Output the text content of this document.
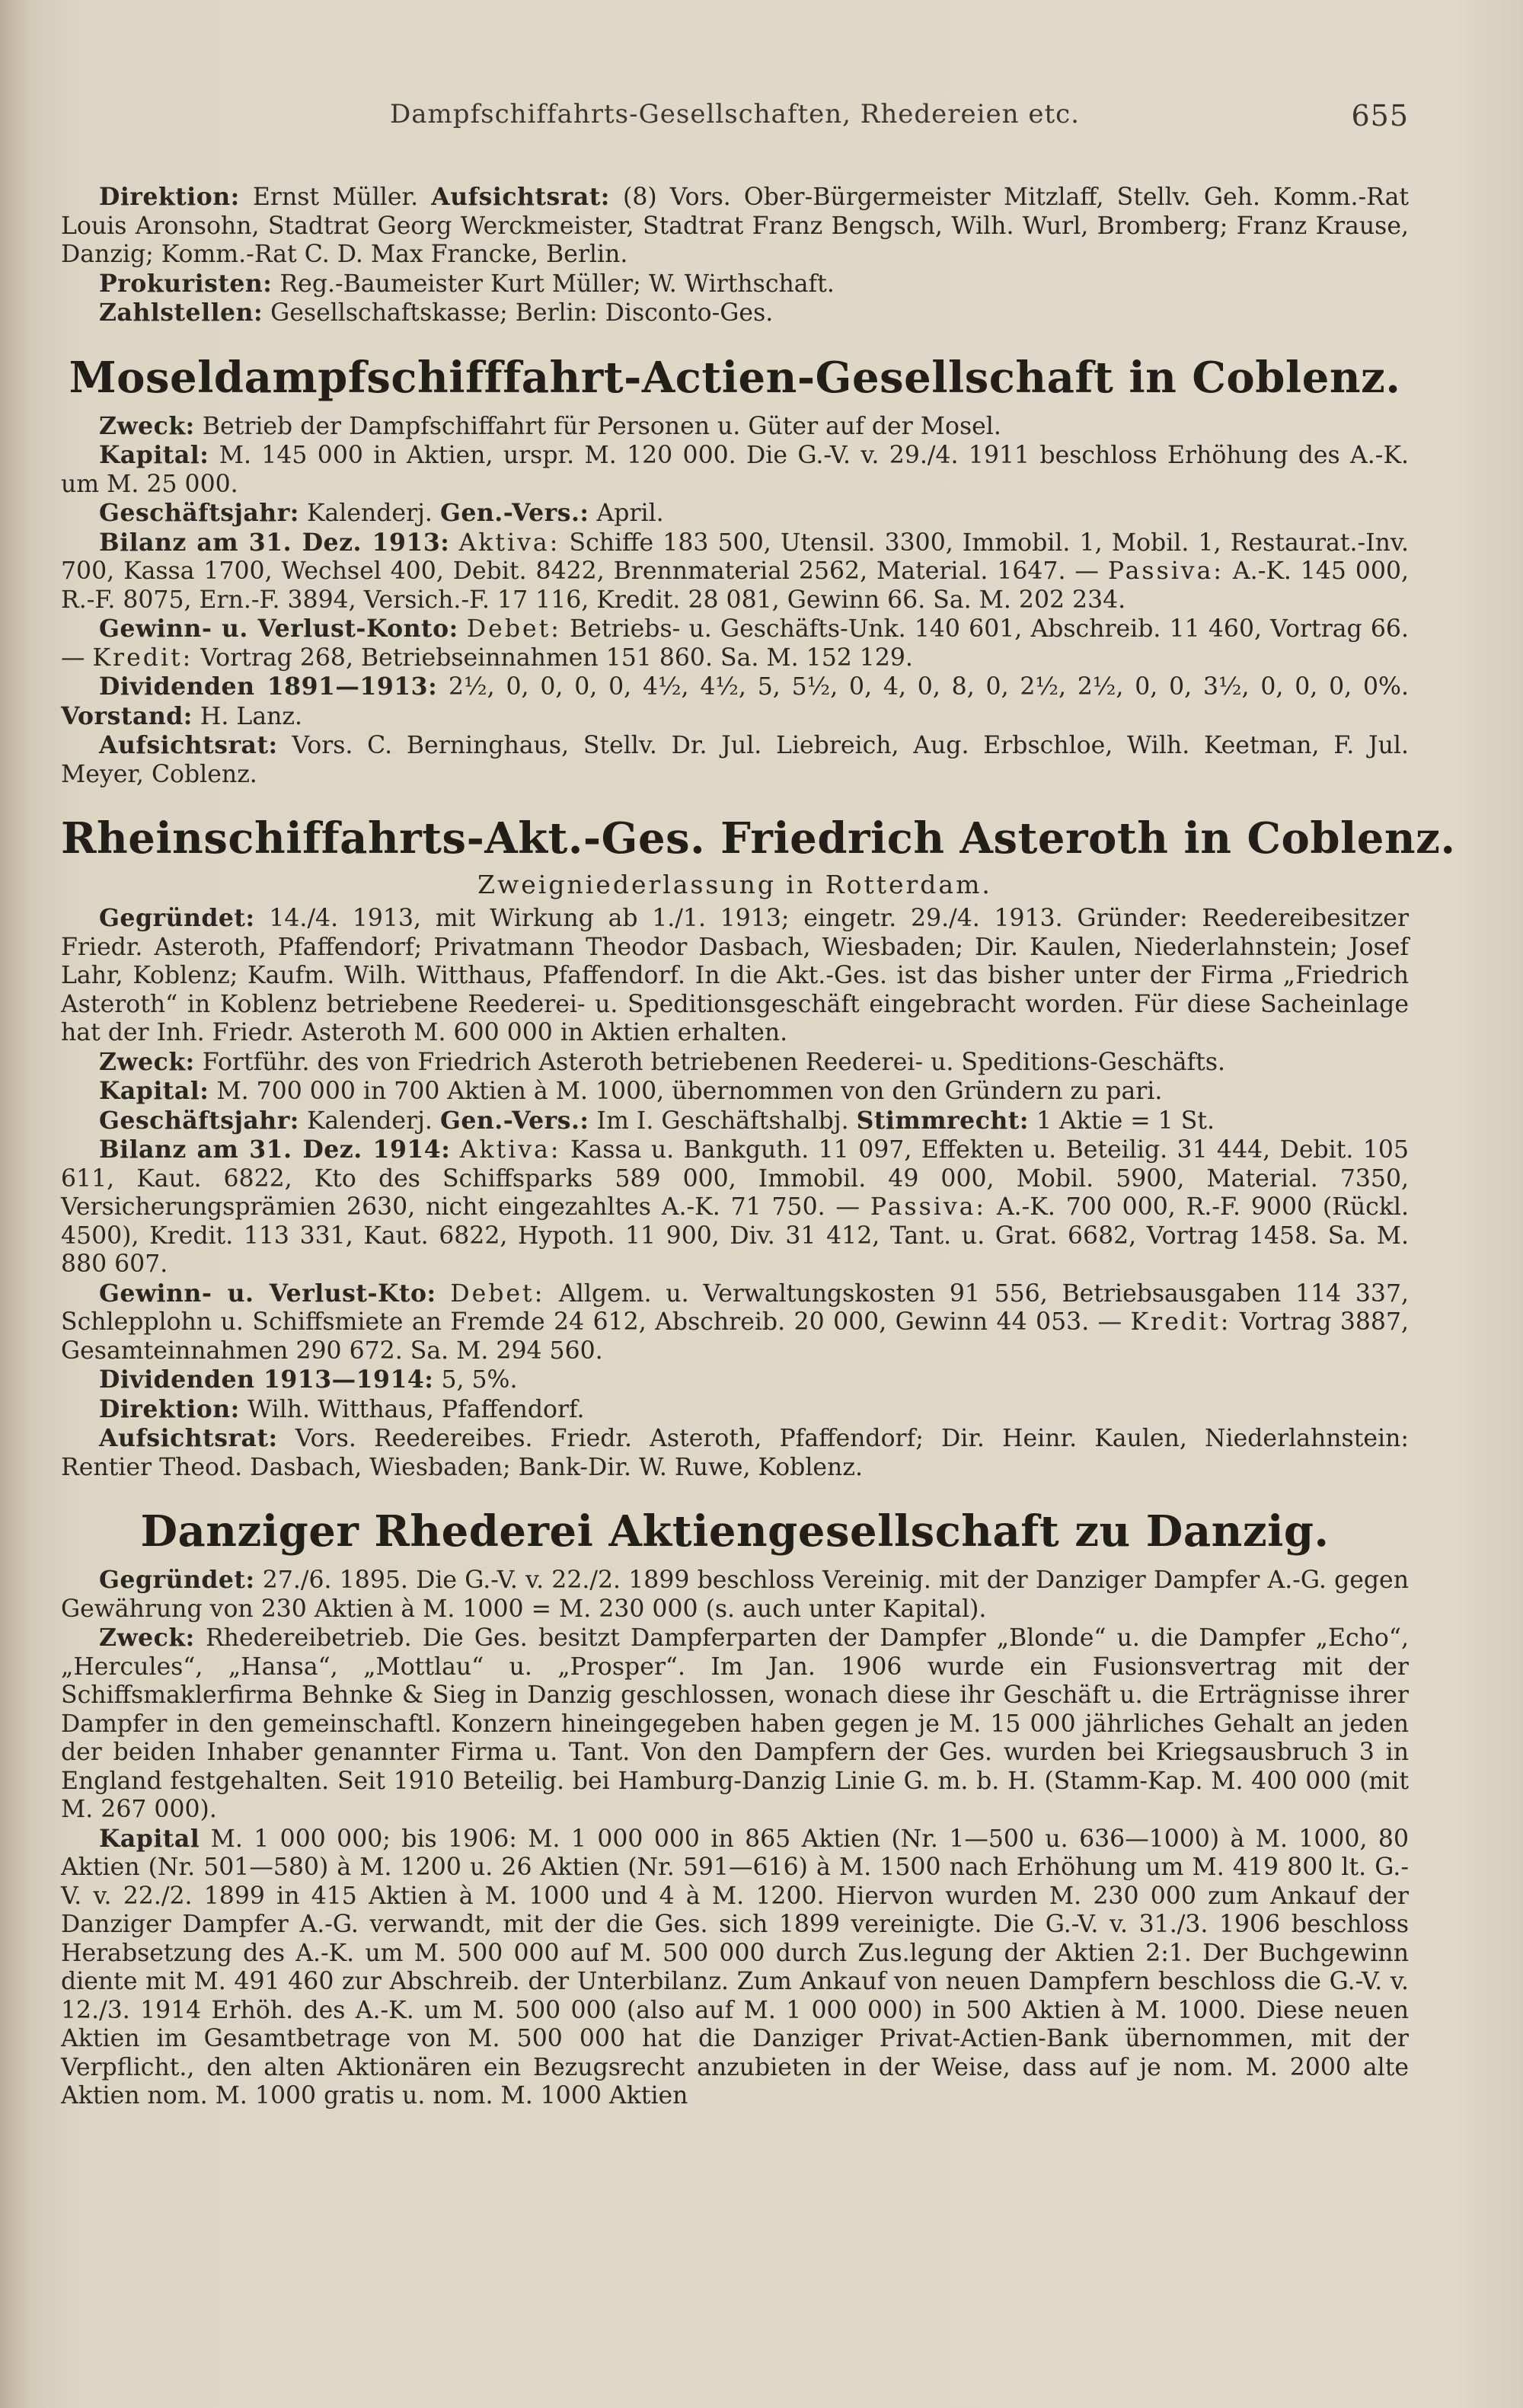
Dampfschiffahrts-Gesellschaften, Rhedereien etc.	655

Direktion: Ernst Müller. Aufsichtsrat: (8) Vors. Ober-Bürgermeister Mitzlaff, Stellv. Geh. Komm.-Rat Louis Aronsohn, Stadtrat Georg Werckmeister, Stadtrat Franz Bengsch, Wilh. Wurl, Bromberg; Franz Krause, Danzig; Komm.-Rat C. D. Max Francke, Berlin.

Prokuristen: Reg.-Baumeister Kurt Müller; W. Wirthschaft.

Zahlstellen: Gesellschaftskasse; Berlin: Disconto-Ges.

Moseldampfschifffahrt-Actien-Gesellschaft in Coblenz.

Zweck: Betrieb der Dampfschiffahrt für Personen u. Güter auf der Mosel.

Kapital: M. 145 000 in Aktien, urspr. M. 120 000. Die G.-V. v. 29./4. 1911 beschloss Erhöhung des A.-K. um M. 25 000.

Geschäftsjahr: Kalenderj. Gen.-Vers.: April.

Bilanz am 31. Dez. 1913: Aktiva: Schiffe 183 500, Utensil. 3300, Immobil. 1, Mobil. 1, Restaurat.-Inv. 700, Kassa 1700, Wechsel 400, Debit. 8422, Brennmaterial 2562, Material. 1647. — Passiva: A.-K. 145 000, R.-F. 8075, Ern.-F. 3894, Versich.-F. 17 116, Kredit. 28 081, Gewinn 66. Sa. M. 202 234.

Gewinn- u. Verlust-Konto: Debet: Betriebs- u. Geschäfts-Unk. 140 601, Abschreib. 11 460, Vortrag 66. — Kredit: Vortrag 268, Betriebseinnahmen 151 860. Sa. M. 152 129.

Dividenden 1891—1913: 2½, 0, 0, 0, 0, 4½, 4½, 5, 5½, 0, 4, 0, 8, 0, 2½, 2½, 0, 0, 3½, 0, 0, 0, 0%. Vorstand: H. Lanz.

Aufsichtsrat: Vors. C. Berninghaus, Stellv. Dr. Jul. Liebreich, Aug. Erbschloe, Wilh. Keetman, F. Jul. Meyer, Coblenz.

Rheinschiffahrts-Akt.-Ges. Friedrich Asteroth in Coblenz.
Zweigniederlassung in Rotterdam.

Gegründet: 14./4. 1913, mit Wirkung ab 1./1. 1913; eingetr. 29./4. 1913. Gründer: Reedereibesitzer Friedr. Asteroth, Pfaffendorf; Privatmann Theodor Dasbach, Wiesbaden; Dir. Kaulen, Niederlahnstein; Josef Lahr, Koblenz; Kaufm. Wilh. Witthaus, Pfaffendorf. In die Akt.-Ges. ist das bisher unter der Firma „Friedrich Asteroth“ in Koblenz betriebene Reederei- u. Speditionsgeschäft eingebracht worden. Für diese Sacheinlage hat der Inh. Friedr. Asteroth M. 600 000 in Aktien erhalten.

Zweck: Fortführ. des von Friedrich Asteroth betriebenen Reederei- u. Speditions-Geschäfts.

Kapital: M. 700 000 in 700 Aktien à M. 1000, übernommen von den Gründern zu pari.

Geschäftsjahr: Kalenderj. Gen.-Vers.: Im I. Geschäftshalbj. Stimmrecht: 1 Aktie = 1 St.

Bilanz am 31. Dez. 1914: Aktiva: Kassa u. Bankguth. 11 097, Effekten u. Beteilig. 31 444, Debit. 105 611, Kaut. 6822, Kto des Schiffsparks 589 000, Immobil. 49 000, Mobil. 5900, Material. 7350, Versicherungsprämien 2630, nicht eingezahltes A.-K. 71 750. — Passiva: A.-K. 700 000, R.-F. 9000 (Rückl. 4500), Kredit. 113 331, Kaut. 6822, Hypoth. 11 900, Div. 31 412, Tant. u. Grat. 6682, Vortrag 1458. Sa. M. 880 607.

Gewinn- u. Verlust-Kto: Debet: Allgem. u. Verwaltungskosten 91 556, Betriebsausgaben 114 337, Schlepplohn u. Schiffsmiete an Fremde 24 612, Abschreib. 20 000, Gewinn 44 053. — Kredit: Vortrag 3887, Gesamteinnahmen 290 672. Sa. M. 294 560.

Dividenden 1913—1914: 5, 5%.

Direktion: Wilh. Witthaus, Pfaffendorf.

Aufsichtsrat: Vors. Reedereibes. Friedr. Asteroth, Pfaffendorf; Dir. Heinr. Kaulen, Niederlahnstein: Rentier Theod. Dasbach, Wiesbaden; Bank-Dir. W. Ruwe, Koblenz.

Danziger Rhederei Aktiengesellschaft zu Danzig.

Gegründet: 27./6. 1895. Die G.-V. v. 22./2. 1899 beschloss Vereinig. mit der Danziger Dampfer A.-G. gegen Gewährung von 230 Aktien à M. 1000 = M. 230 000 (s. auch unter Kapital).

Zweck: Rhedereibetrieb. Die Ges. besitzt Dampferparten der Dampfer „Blonde“ u. die Dampfer „Echo“, „Hercules“, „Hansa“, „Mottlau“ u. „Prosper“. Im Jan. 1906 wurde ein Fusionsvertrag mit der Schiffsmaklerfirma Behnke & Sieg in Danzig geschlossen, wonach diese ihr Geschäft u. die Erträgnisse ihrer Dampfer in den gemeinschaftl. Konzern hineingegeben haben gegen je M. 15 000 jährliches Gehalt an jeden der beiden Inhaber genannter Firma u. Tant. Von den Dampfern der Ges. wurden bei Kriegsausbruch 3 in England festgehalten. Seit 1910 Beteilig. bei Hamburg-Danzig Linie G. m. b. H. (Stamm-Kap. M. 400 000 (mit M. 267 000).

Kapital M. 1 000 000; bis 1906: M. 1 000 000 in 865 Aktien (Nr. 1—500 u. 636—1000) à M. 1000, 80 Aktien (Nr. 501—580) à M. 1200 u. 26 Aktien (Nr. 591—616) à M. 1500 nach Erhöhung um M. 419 800 lt. G.-V. v. 22./2. 1899 in 415 Aktien à M. 1000 und 4 à M. 1200. Hiervon wurden M. 230 000 zum Ankauf der Danziger Dampfer A.-G. verwandt, mit der die Ges. sich 1899 vereinigte. Die G.-V. v. 31./3. 1906 beschloss Herabsetzung des A.-K. um M. 500 000 auf M. 500 000 durch Zus.legung der Aktien 2:1. Der Buchgewinn diente mit M. 491 460 zur Abschreib. der Unterbilanz. Zum Ankauf von neuen Dampfern beschloss die G.-V. v. 12./3. 1914 Erhöh. des A.-K. um M. 500 000 (also auf M. 1 000 000) in 500 Aktien à M. 1000. Diese neuen Aktien im Gesamtbetrage von M. 500 000 hat die Danziger Privat-Actien-Bank übernommen, mit der Verpflicht., den alten Aktionären ein Bezugsrecht anzubieten in der Weise, dass auf je nom. M. 2000 alte Aktien nom. M. 1000 gratis u. nom. M. 1000 Aktien
